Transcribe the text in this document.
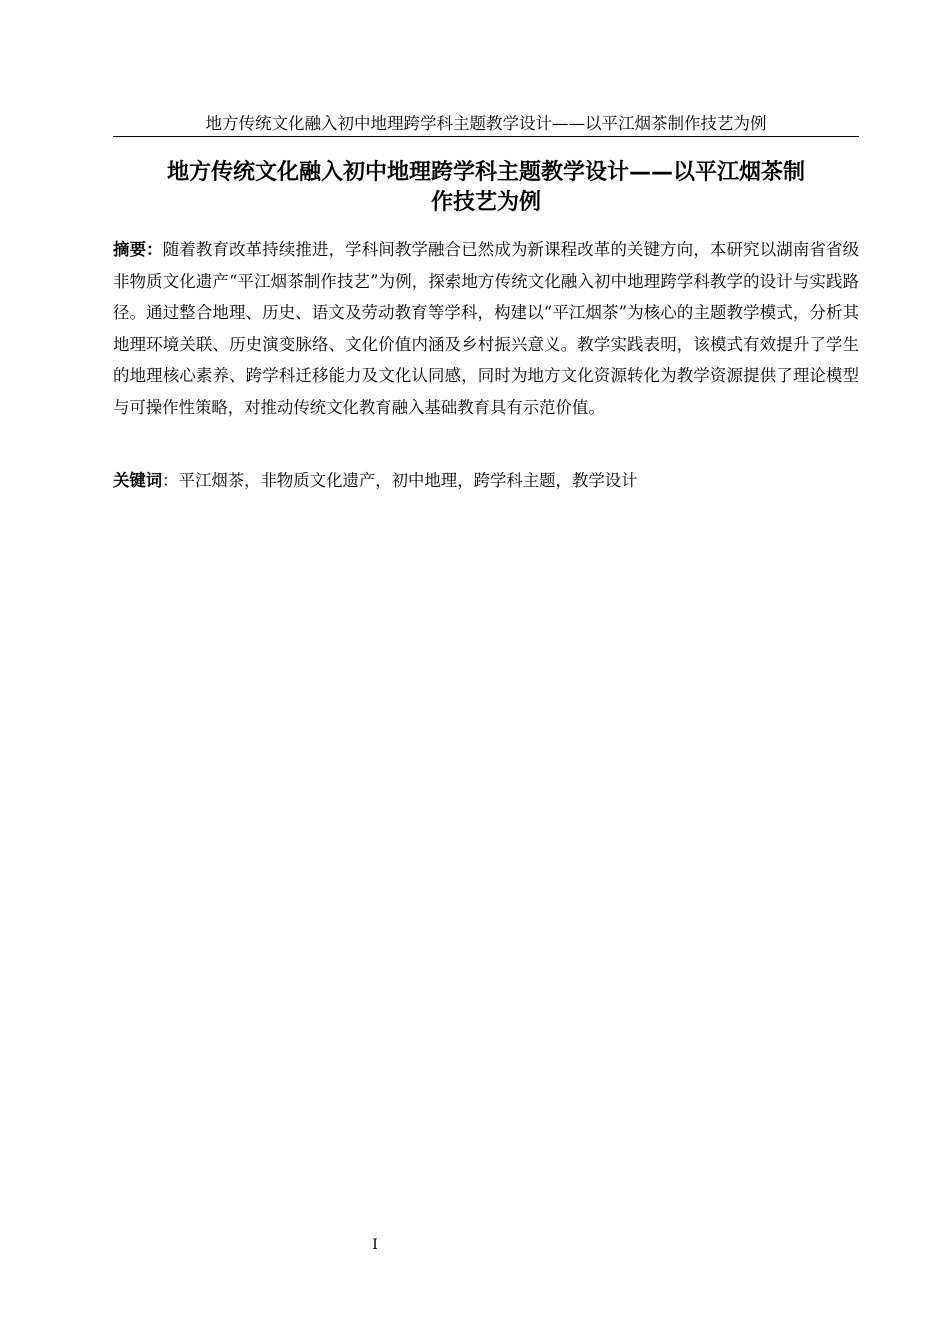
地方传统文化融入初中地理跨学科主题教学设计——以平江烟茶制作技艺为例
地方传统文化融入初中地理跨学科主题教学设计——以平江烟茶制
作技艺为例

摘要：随着教育改革持续推进，学科间教学融合已然成为新课程改革的关键方向，本研究以湖南省省级非物质文化遗产“平江烟茶制作技艺”为例，探索地方传统文化融入初中地理跨学科教学的设计与实践路径。通过整合地理、历史、语文及劳动教育等学科，构建以“平江烟茶”为核心的主题教学模式，分析其地理环境关联、历史演变脉络、文化价值内涵及乡村振兴意义。教学实践表明，该模式有效提升了学生的地理核心素养、跨学科迁移能力及文化认同感，同时为地方文化资源转化为教学资源提供了理论模型与可操作性策略，对推动传统文化教育融入基础教育具有示范价值。

关键词：平江烟茶，非物质文化遗产，初中地理，跨学科主题，教学设计

I
